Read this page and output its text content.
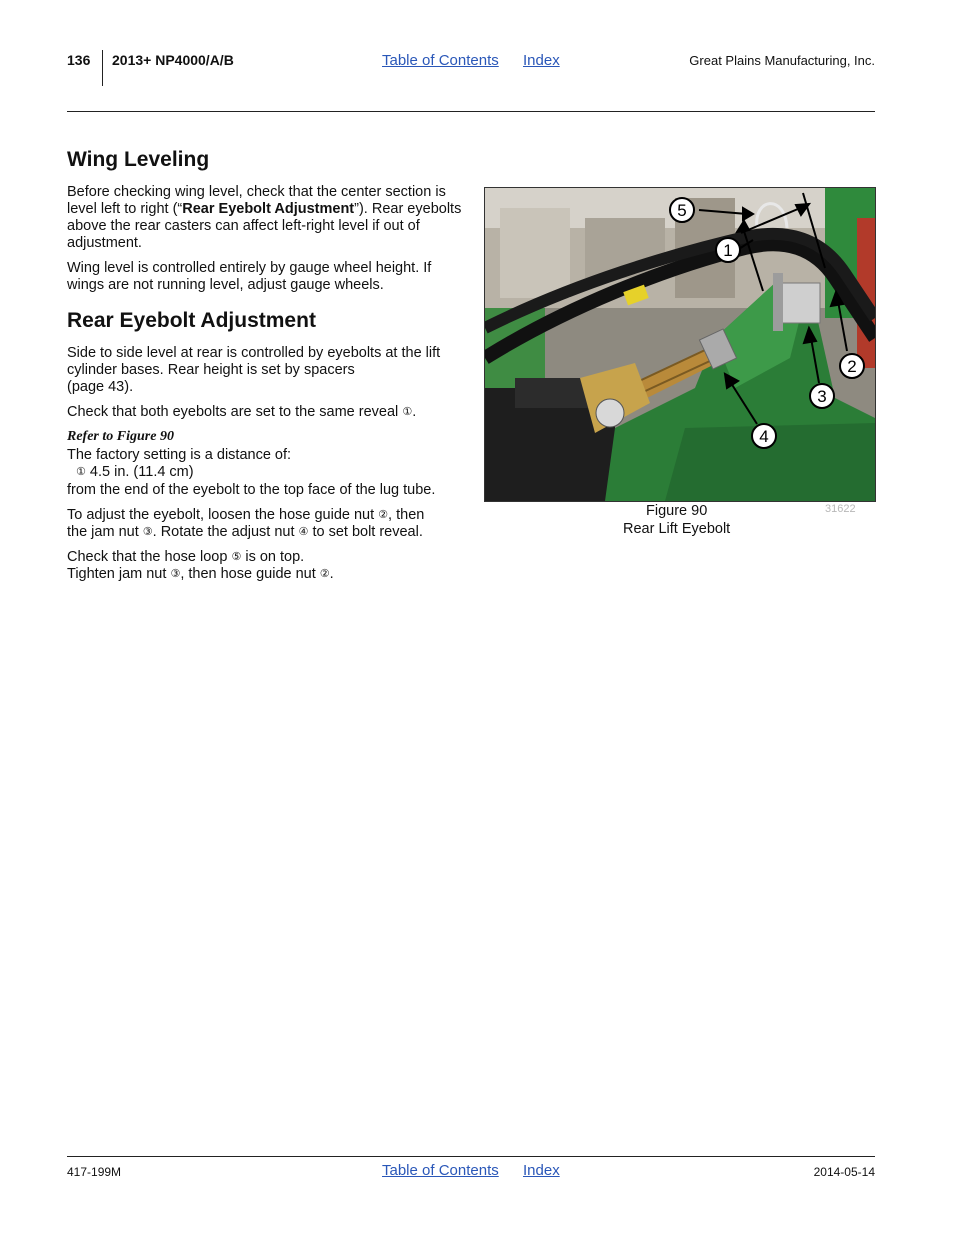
136 2013+ NP4000/A/B	Table of Contents Index	Great Plains Manufacturing, Inc.
Wing Leveling
Before checking wing level, check that the center section is level left to right (“Rear Eyebolt Adjustment”). Rear eyebolts above the rear casters can affect left-right level if out of adjustment.
Wing level is controlled entirely by gauge wheel height. If wings are not running level, adjust gauge wheels.
Rear Eyebolt Adjustment
Side to side level at rear is controlled by eyebolts at the lift cylinder bases. Rear height is set by spacers
(page 43).
Check that both eyebolts are set to the same reveal ①.
Refer to Figure 90
The factory setting is a distance of:
① 4.5 in. (11.4 cm)
from the end of the eyebolt to the top face of the lug tube.
To adjust the eyebolt, loosen the hose guide nut ②, then
the jam nut ③. Rotate the adjust nut ④ to set bolt reveal.
Check that the hose loop ⑤ is on top.
Tighten jam nut ③, then hose guide nut ②.
5
1
2
3
4
Figure 90
Rear Lift Eyebolt
31622
417-199M	Table of Contents Index	2014-05-14
